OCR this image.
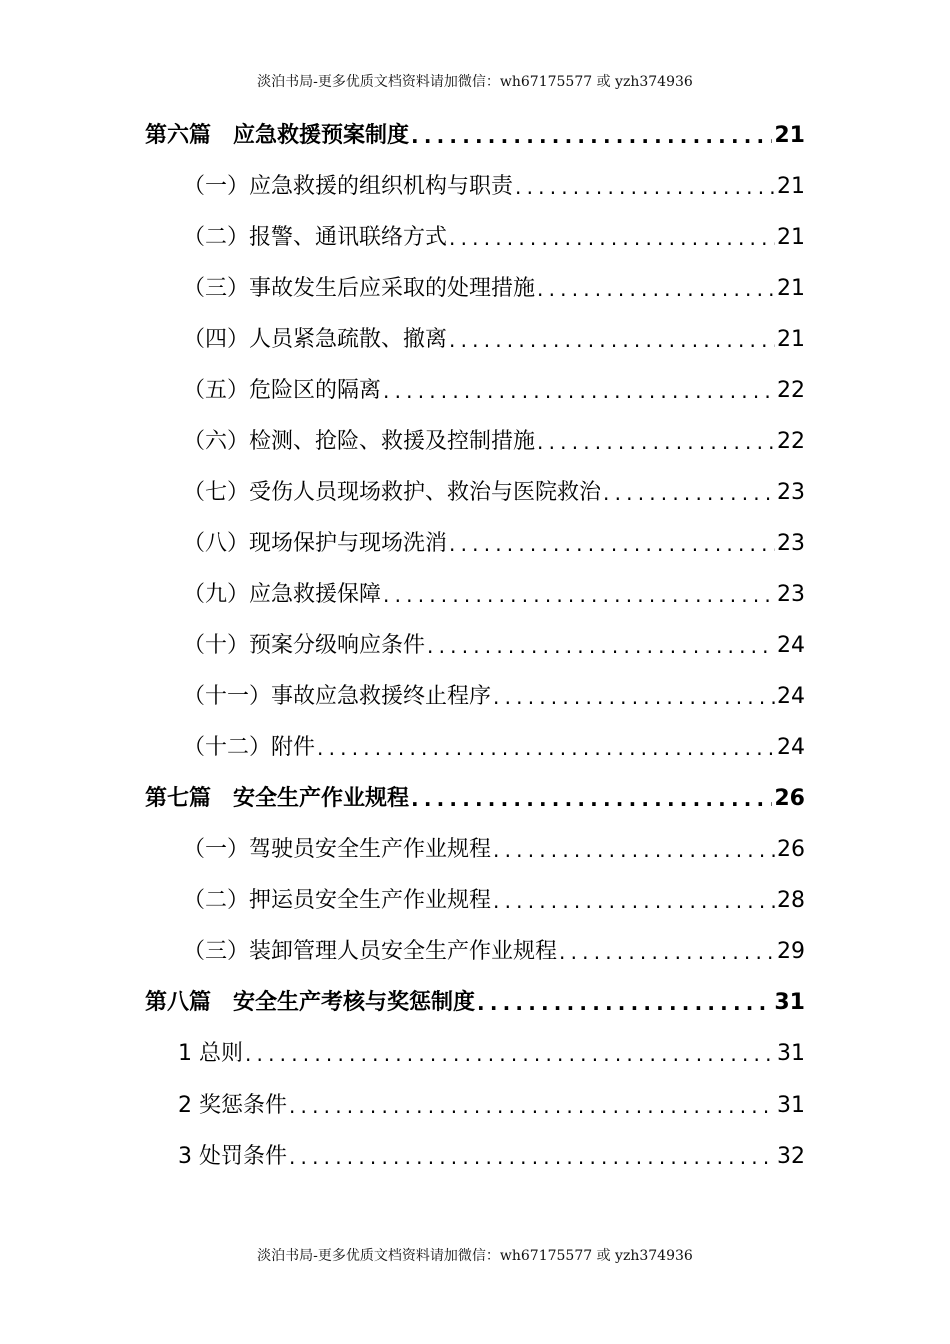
淡泊书局-更多优质文档资料请加微信：wh67175577 或 yzh374936
第六篇　应急救援预案制度 .....	21
（一）应急救援的组织机构与职责 .....	21
（二）报警、通讯联络方式 .....	21
（三）事故发生后应采取的处理措施 .....	21
（四）人员紧急疏散、撤离 .....	21
（五）危险区的隔离 .....	22
（六）检测、抢险、救援及控制措施 .....	22
（七）受伤人员现场救护、救治与医院救治 .....	23
（八）现场保护与现场洗消 .....	23
（九）应急救援保障 .....	23
（十）预案分级响应条件 .....	24
（十一）事故应急救援终止程序 .....	24
（十二）附件 .....	24
第七篇　安全生产作业规程 .....	26
（一）驾驶员安全生产作业规程 .....	26
（二）押运员安全生产作业规程 .....	28
（三）装卸管理人员安全生产作业规程 .....	29
第八篇　安全生产考核与奖惩制度 .....	31
1 总则 .....	31
2 奖惩条件 .....	31
3 处罚条件 .....	32
淡泊书局-更多优质文档资料请加微信：wh67175577 或 yzh374936
